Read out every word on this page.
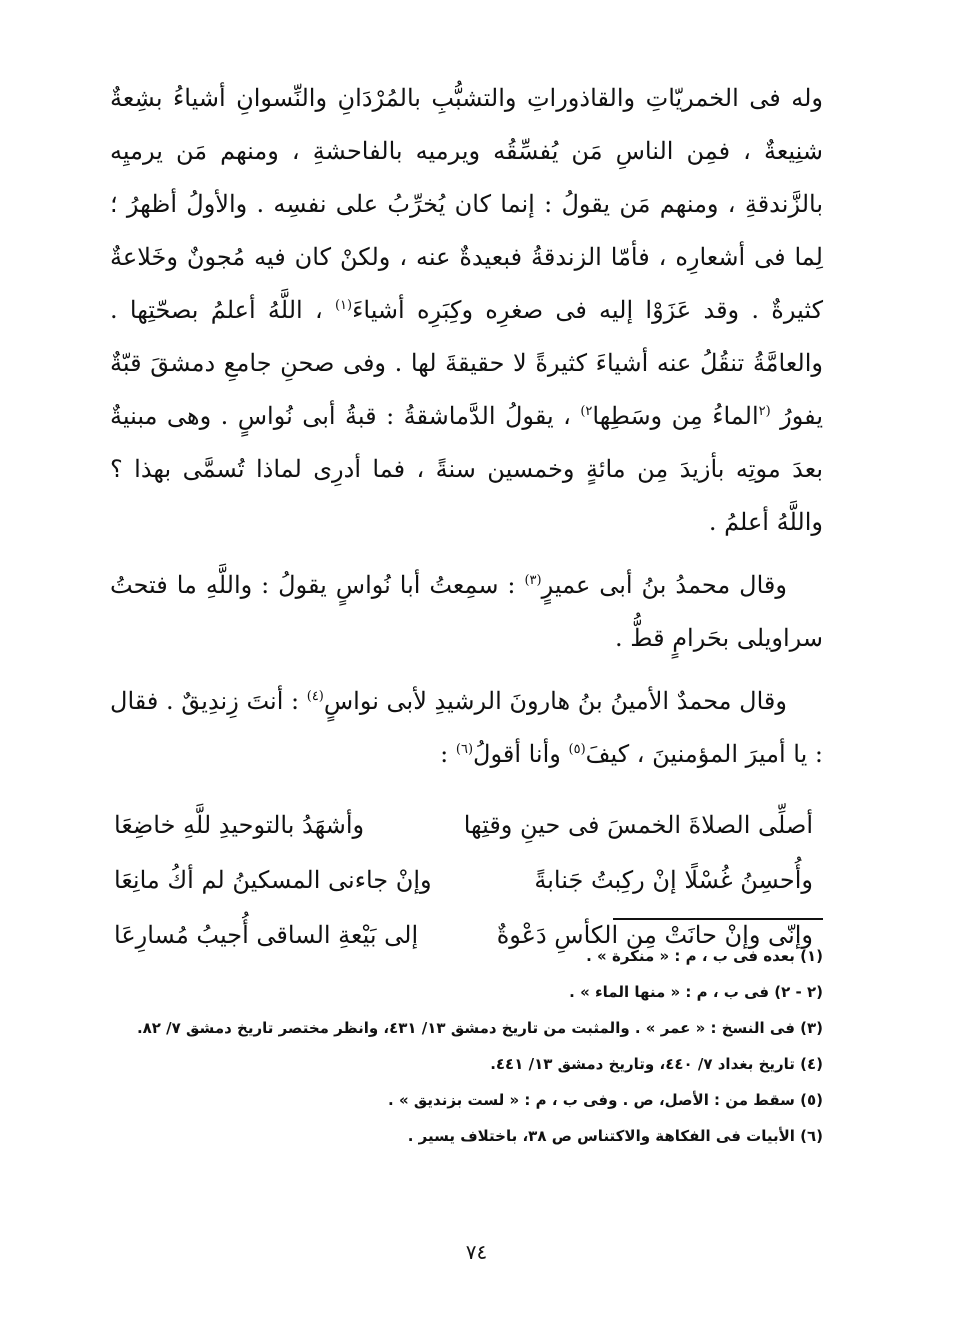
وله فى الخمريّاتِ والقاذوراتِ والتشبُّبِ بالمُرْدَانِ والنِّسوانِ أشياءُ بشِعةٌ شنِيعةٌ ، فمِن الناسِ مَن يُفسِّقُه ويرميه بالفاحشةِ ، ومنهم مَن يرميِه بالزَّندقةِ ، ومنهم مَن يقولُ : إنما كان يُخرِّبُ على نفسِه . والأولُ أظهرُ ؛ لِما فى أشعارِه ، فأمّا الزندقةُ فبعيدةٌ عنه ، ولكنْ كان فيه مُجونٌ وخَلاعةٌ كثيرةٌ . وقد عَزَوْا إليه فى صغرِه وكِبَرِه أشياءَ$^{(١)}$ ، اللَّهُ أعلمُ بصحّتِها . والعامَّةُ تنقُلُ عنه أشياءَ كثيرةً لا حقيقةَ لها . وفى صحنِ جامعِ دمشقَ قبّةٌ يفورُ $^{(٢}$الماءُ مِن وسَطِها$^{٢)}$ ، يقولُ الدَّماشقةُ : قبةُ أبى نُواسٍ . وهى مبنيةٌ بعدَ موتِه بأزيدَ مِن مائةٍ وخمسين سنةً ، فما أدرِى لماذا تُسمَّى بهذا ؟ واللَّهُ أعلمُ .

وقال محمدُ بنُ أبى عميرٍ$^{(٣)}$ : سمِعتُ أبا نُواسٍ يقولُ : واللَّهِ ما فتحتُ سراويلى بحَرامٍ قطُّ .

وقال محمدٌ الأمينُ بنُ هارونَ الرشيدِ لأبى نواسٍ$^{(٤)}$ : أنتَ زِندِيقٌ . فقال : يا أميرَ المؤمنينَ ، كيفَ$^{(٥)}$ وأنا أقولُ$^{(٦)}$ :

أصلِّى الصلاةَ الخمسَ فى حينِ وقتِها
وأشهَدُ بالتوحيدِ للَّهِ خاضِعَا
وأُحسِنُ غُسْلًا إنْ ركِبتُ جَنابةً
وإنْ جاءنى المسكينُ لم أكُ مانِعَا
وإنّى وإنْ حانَتْ مِن الكأسِ دَعْوةٌ
إلى بَيْعةِ الساقى أُجيبُ مُسارِعَا
(١) بعده فى ب ، م : « منكرة » .
(٢ - ٢) فى ب ، م : « منها الماء » .
(٣) فى النسخ : « عمر » . والمثبت من تاريخ دمشق ١٣/ ٤٣١، وانظر مختصر تاريخ دمشق ٧/ ٨٢.
(٤) تاريخ بغداد ٧/ ٤٤٠، وتاريخ دمشق ١٣/ ٤٤١.
(٥) سقط من : الأصل، ص . وفى ب ، م : « لست بزنديق » .
(٦) الأبيات فى الفكاهة والاكتناس ص ٣٨، باختلاف يسير .
٧٤
